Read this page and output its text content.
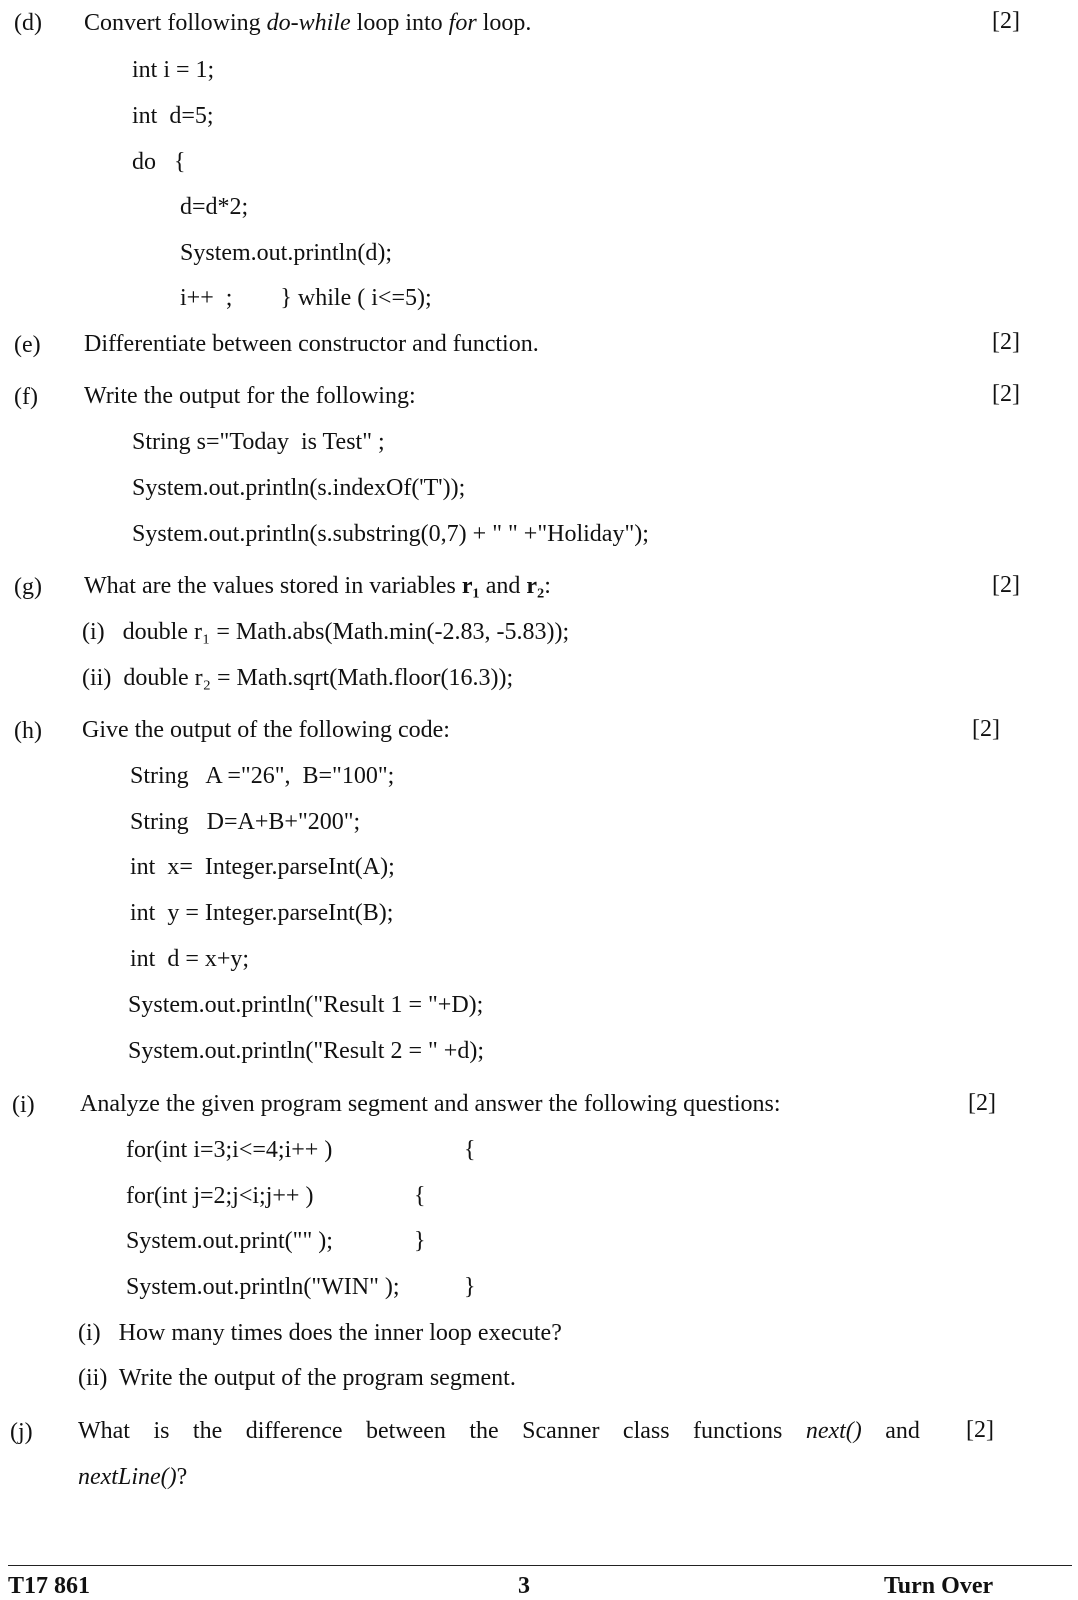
(d) Convert following do-while loop into for loop.	[2]
int i = 1;
int  d=5;
do   {
d=d*2;
System.out.println(d);
i++  ;        } while ( i<=5);
(e) Differentiate between constructor and function.	[2]
(f) Write the output for the following:	[2]
String s="Today  is Test" ;
System.out.println(s.indexOf('T'));
System.out.println(s.substring(0,7) + " " +"Holiday");
(g) What are the values stored in variables r₁ and r₂:	[2]
(i)   double r₁ = Math.abs(Math.min(-2.83, -5.83));
(ii)  double r₂ = Math.sqrt(Math.floor(16.3));
(h) Give the output of the following code:	[2]
String   A ="26",  B="100";
String   D=A+B+"200";
int  x=  Integer.parseInt(A);
int  y = Integer.parseInt(B);
int  d = x+y;
System.out.println("Result 1 = "+D);
System.out.println("Result 2 = " +d);
(i) Analyze the given program segment and answer the following questions:	[2]
for(int i=3;i<=4;i++ )	{
for(int j=2;j<i;j++ )	{
System.out.print("" );	}
System.out.println("WIN" );	}
(i)   How many times does the inner loop execute?
(ii)  Write the output of the program segment.
(j) What is the difference between the Scanner class functions next() and [2]
nextLine()?
T17 861	3	Turn Over
